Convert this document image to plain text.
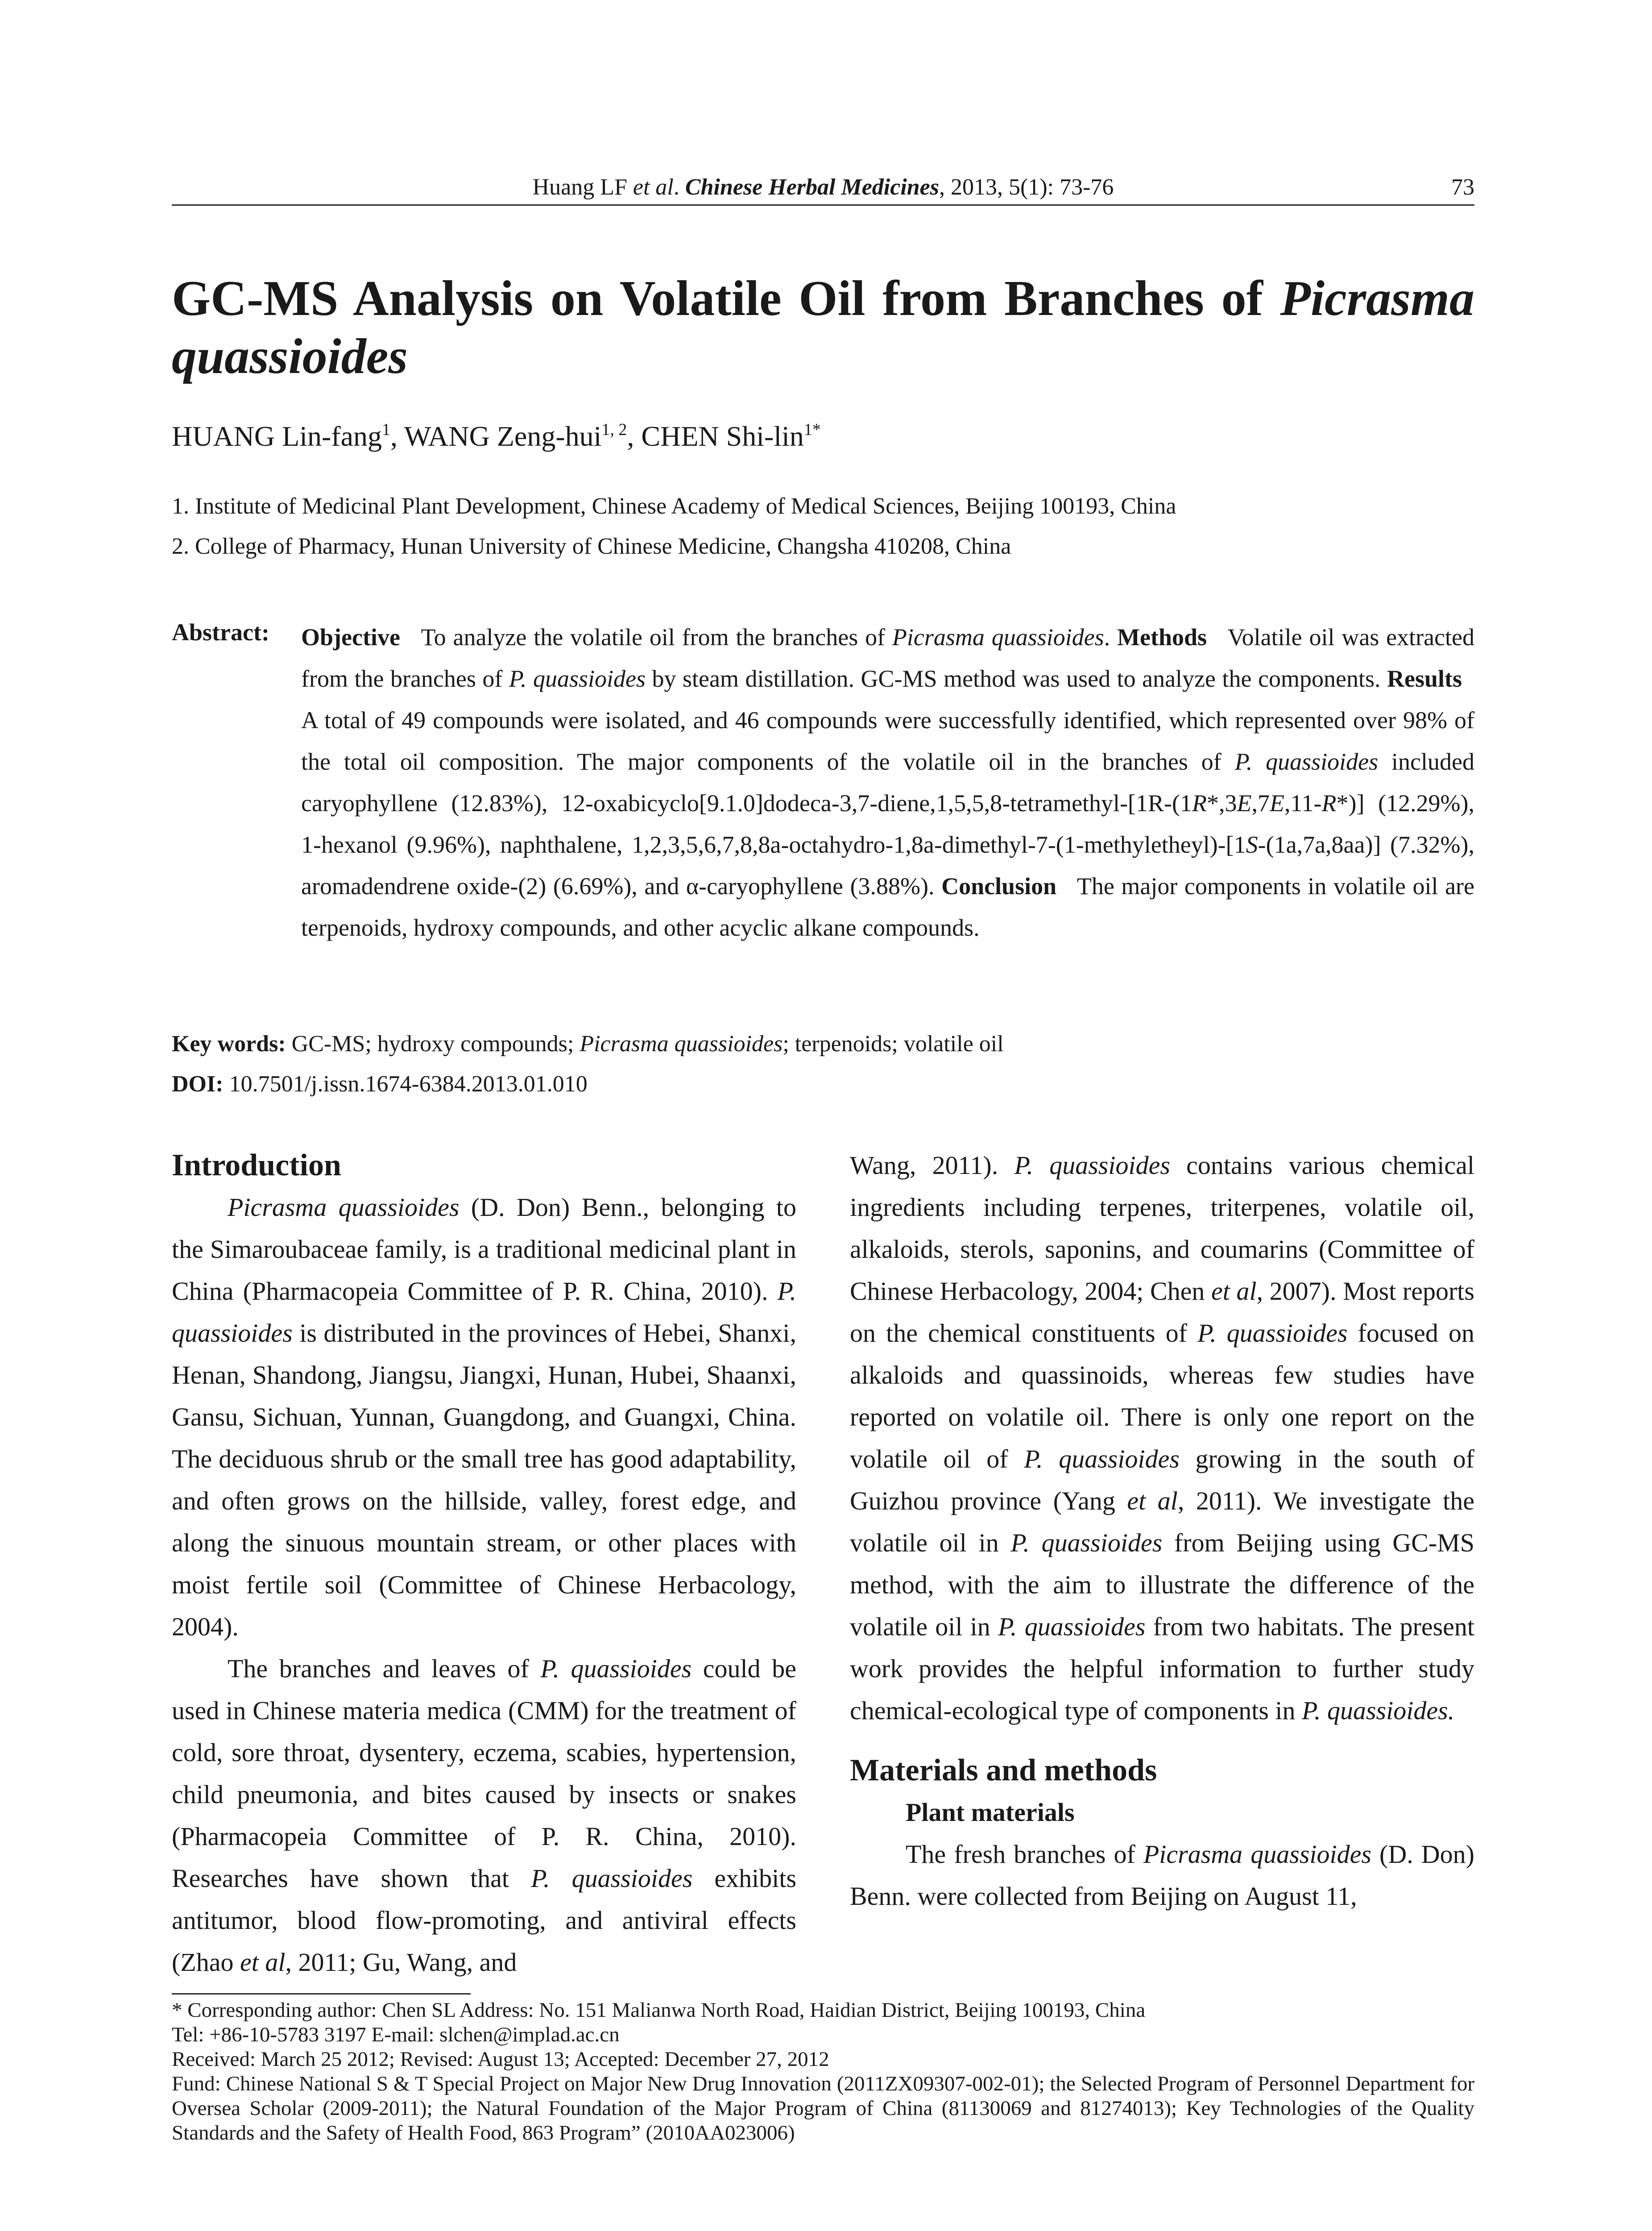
Huang LF et al. Chinese Herbal Medicines, 2013, 5(1): 73-76	73
GC-MS Analysis on Volatile Oil from Branches of Picrasma
quassioides
HUANG Lin-fang$^1$, WANG Zeng-hui$^{1, 2}$, CHEN Shi-lin$^{1*}$
1. Institute of Medicinal Plant Development, Chinese Academy of Medical Sciences, Beijing 100193, China
2. College of Pharmacy, Hunan University of Chinese Medicine, Changsha 410208, China
Abstract: Objective To analyze the volatile oil from the branches of Picrasma quassioides. Methods Volatile oil was extracted from the branches of P. quassioides by steam distillation. GC-MS method was used to analyze the components. Results   A total of 49 compounds were isolated, and 46 compounds were successfully identified, which represented over 98% of the total oil composition. The major components of the volatile oil in the branches of P. quassioides included caryophyllene (12.83%), 12-oxabicyclo[9.1.0]dodeca-3,7-diene,1,5,5,8-tetramethyl-[1R-(1R*,3E,7E,11-R*)] (12.29%), 1-hexanol (9.96%), naphthalene, 1,2,3,5,6,7,8,8a-octahydro-1,8a-dimethyl-7-(1-methyletheyl)-[1S-(1a,7a,8aa)] (7.32%), aromadendrene oxide-(2) (6.69%), and α-caryophyllene (3.88%). Conclusion The major components in volatile oil are terpenoids, hydroxy compounds, and other acyclic alkane compounds.
Key words: GC-MS; hydroxy compounds; Picrasma quassioides; terpenoids; volatile oil
DOI: 10.7501/j.issn.1674-6384.2013.01.010
Introduction

Picrasma quassioides (D. Don) Benn., belonging to the Simaroubaceae family, is a traditional medicinal plant in China (Pharmacopeia Committee of P. R. China, 2010). P. quassioides is distributed in the provinces of Hebei, Shanxi, Henan, Shandong, Jiangsu, Jiangxi, Hunan, Hubei, Shaanxi, Gansu, Sichuan, Yunnan, Guangdong, and Guangxi, China. The deciduous shrub or the small tree has good adaptability, and often grows on the hillside, valley, forest edge, and along the sinuous mountain stream, or other places with moist fertile soil (Committee of Chinese Herbacology, 2004).

The branches and leaves of P. quassioides could be used in Chinese materia medica (CMM) for the treatment of cold, sore throat, dysentery, eczema, scabies, hypertension, child pneumonia, and bites caused by insects or snakes (Pharmacopeia Committee of P. R. China, 2010). Researches have shown that P. quassioides exhibits antitumor, blood flow-promoting, and antiviral effects (Zhao et al, 2011; Gu, Wang, and

Wang, 2011). P. quassioides contains various chemical ingredients including terpenes, triterpenes, volatile oil, alkaloids, sterols, saponins, and coumarins (Committee of Chinese Herbacology, 2004; Chen et al, 2007). Most reports on the chemical constituents of P. quassioides focused on alkaloids and quassinoids, whereas few studies have reported on volatile oil. There is only one report on the volatile oil of P. quassioides growing in the south of Guizhou province (Yang et al, 2011). We investigate the volatile oil in P. quassioides from Beijing using GC-MS method, with the aim to illustrate the difference of the volatile oil in P. quassioides from two habitats. The present work provides the helpful information to further study chemical-ecological type of components in P. quassioides.

Materials and methods
Plant materials

The fresh branches of Picrasma quassioides (D. Don) Benn. were collected from Beijing on August 11,

* Corresponding author: Chen SL Address: No. 151 Malianwa North Road, Haidian District, Beijing 100193, China
Tel: +86-10-5783 3197 E-mail: slchen@implad.ac.cn
Received: March 25 2012; Revised: August 13; Accepted: December 27, 2012
Fund: Chinese National S & T Special Project on Major New Drug Innovation (2011ZX09307-002-01); the Selected Program of Personnel Department for Oversea Scholar (2009-2011); the Natural Foundation of the Major Program of China (81130069 and 81274013); Key Technologies of the Quality Standards and the Safety of Health Food, 863 Program” (2010AA023006)
